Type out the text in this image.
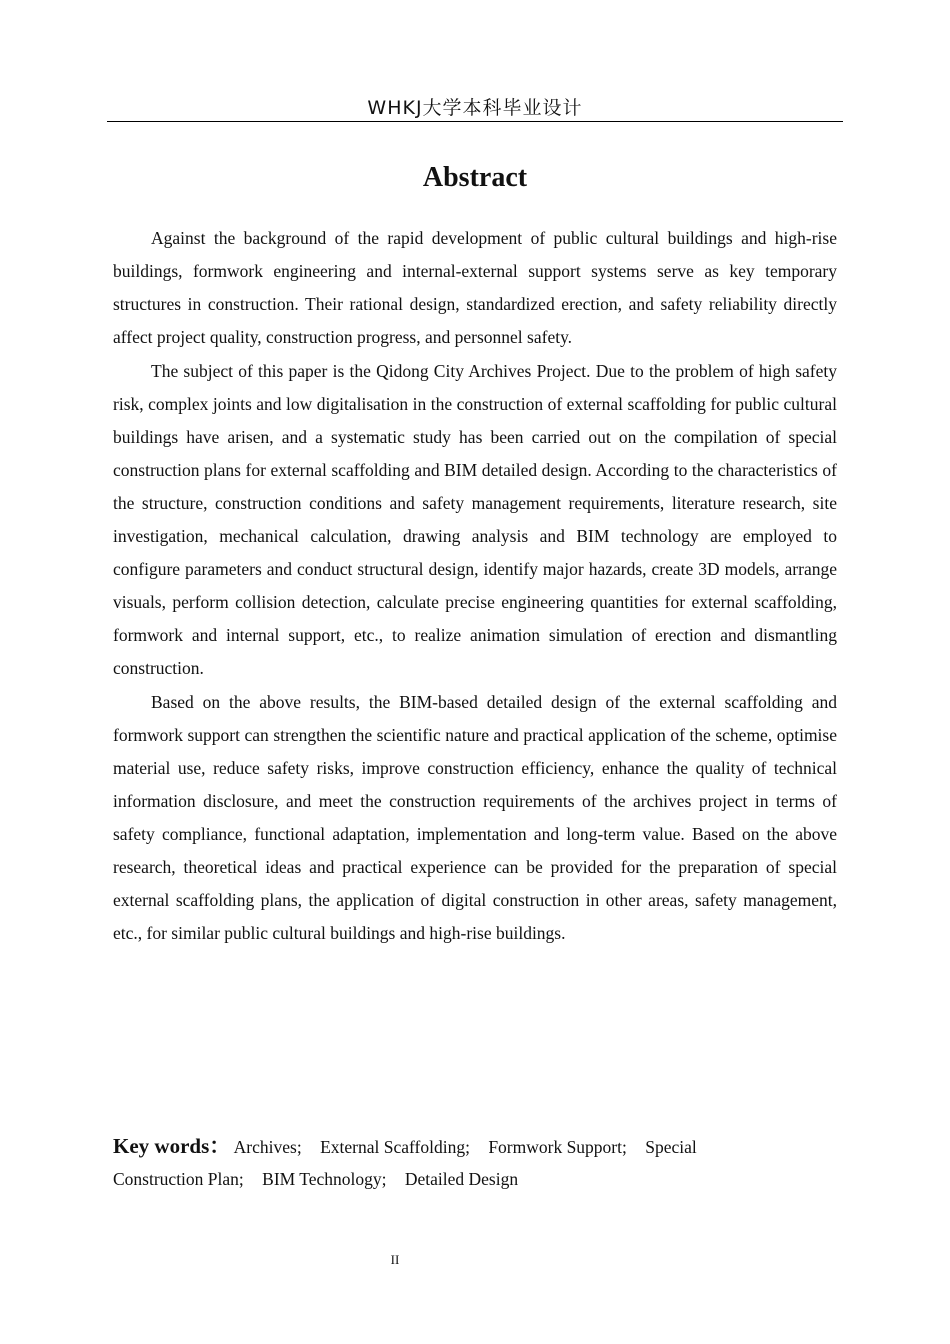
WHKJ大学本科毕业设计
Abstract

Against the background of the rapid development of public cultural buildings and high-rise buildings, formwork engineering and internal-external support systems serve as key temporary structures in construction. Their rational design, standardized erection, and safety reliability directly affect project quality, construction progress, and personnel safety.

The subject of this paper is the Qidong City Archives Project. Due to the problem of high safety risk, complex joints and low digitalisation in the construction of external scaffolding for public cultural buildings have arisen, and a systematic study has been carried out on the compilation of special construction plans for external scaffolding and BIM detailed design. According to the characteristics of the structure, construction conditions and safety management requirements, literature research, site investigation, mechanical calculation, drawing analysis and BIM technology are employed to configure parameters and conduct structural design, identify major hazards, create 3D models, arrange visuals, perform collision detection, calculate precise engineering quantities for external scaffolding, formwork and internal support, etc., to realize animation simulation of erection and dismantling construction.

Based on the above results, the BIM-based detailed design of the external scaffolding and formwork support can strengthen the scientific nature and practical application of the scheme, optimise material use, reduce safety risks, improve construction efficiency, enhance the quality of technical information disclosure, and meet the construction requirements of the archives project in terms of safety compliance, functional adaptation, implementation and long-term value. Based on the above research, theoretical ideas and practical experience can be provided for the preparation of special external scaffolding plans, the application of digital construction in other areas, safety management, etc., for similar public cultural buildings and high-rise buildings.

Key words： Archives; External Scaffolding; Formwork Support; Special Construction Plan; BIM Technology; Detailed Design
II
